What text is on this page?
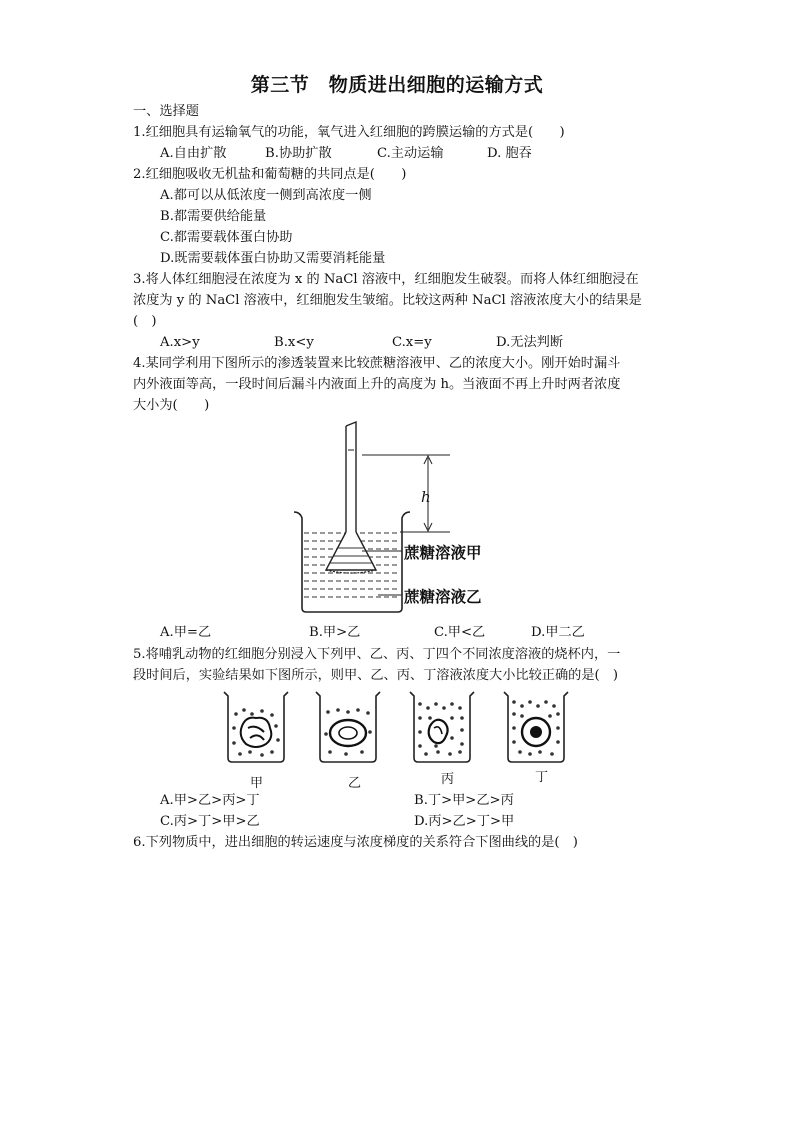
第三节　物质进出细胞的运输方式
一、选择题
1.红细胞具有运输氧气的功能，氧气进入红细胞的跨膜运输的方式是(　　)
A.自由扩散	B.协助扩散	C.主动运输	D. 胞吞
2.红细胞吸收无机盐和葡萄糖的共同点是(　　)
A.都可以从低浓度一侧到高浓度一侧
B.都需要供给能量
C.都需要载体蛋白协助
D.既需要载体蛋白协助又需要消耗能量
3.将人体红细胞浸在浓度为 x 的 NaCl 溶液中，红细胞发生破裂。而将人体红细胞浸在
浓度为 y 的 NaCl 溶液中，红细胞发生皱缩。比较这两种 NaCl 溶液浓度大小的结果是
(　)
A.x>y	B.x<y	C.x=y	D.无法判断
4.某同学利用下图所示的渗透装置来比较蔗糖溶液甲、乙的浓度大小。刚开始时漏斗
内外液面等高，一段时间后漏斗内液面上升的高度为 h。当液面不再上升时两者浓度
大小为(　　)
h
蔗糖溶液甲
蔗糖溶液乙
A.甲=乙	B.甲>乙	C.甲<乙	D.甲二乙
5.将哺乳动物的红细胞分别浸入下列甲、乙、丙、丁四个不同浓度溶液的烧杯内，一
段时间后，实验结果如下图所示，则甲、乙、丙、丁溶液浓度大小比较正确的是(　)
甲	乙	丙	丁
A.甲>乙>丙>丁	B.丁>甲>乙>丙
C.丙>丁>甲>乙	D.丙>乙>丁>甲
6.下列物质中，进出细胞的转运速度与浓度梯度的关系符合下图曲线的是(　)
